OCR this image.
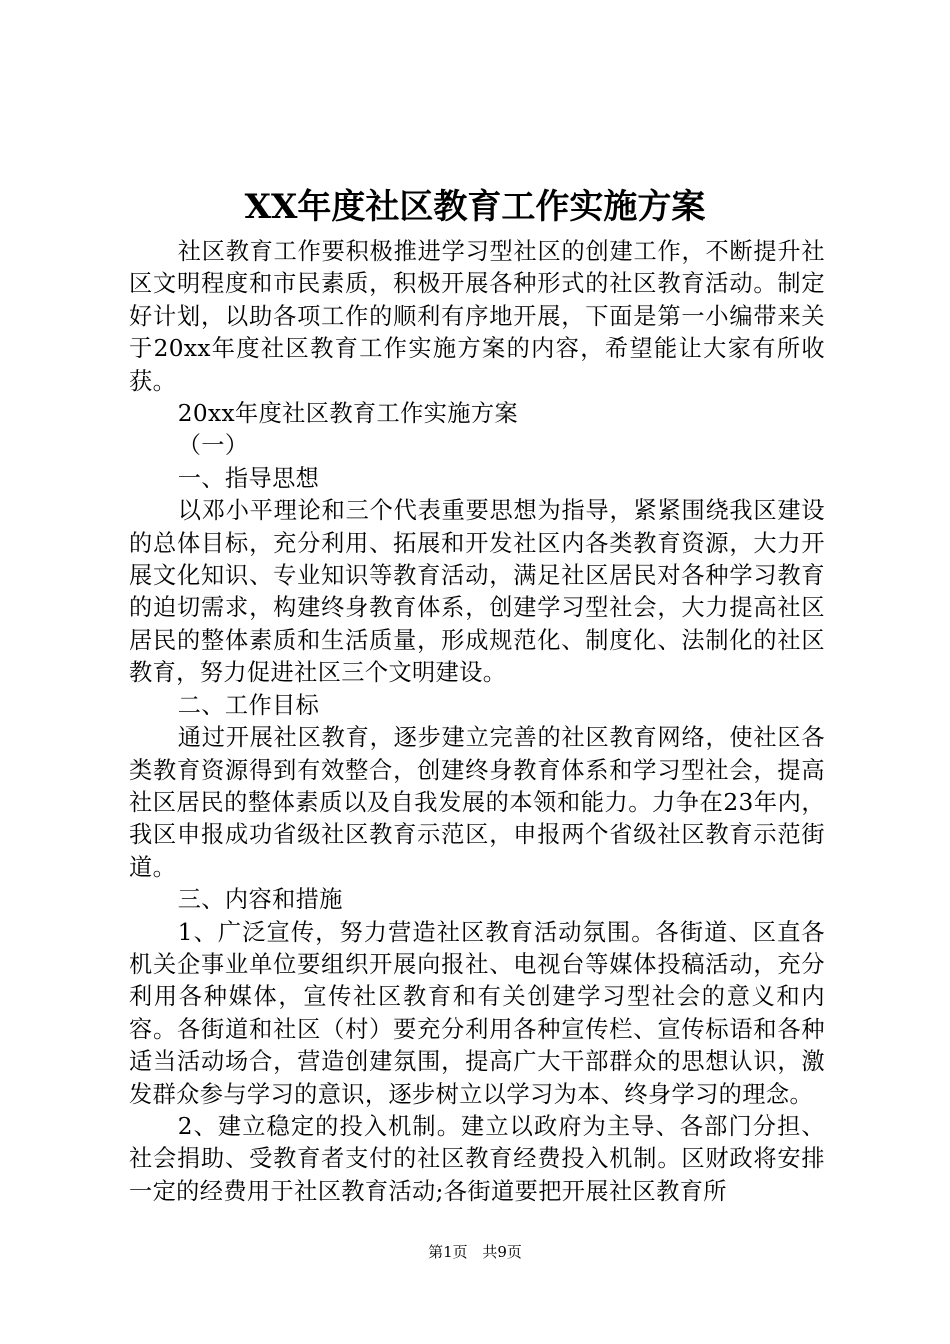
XX年度社区教育工作实施方案

社区教育工作要积极推进学习型社区的创建工作，不断提升社区文明程度和市民素质，积极开展各种形式的社区教育活动。制定好计划，以助各项工作的顺利有序地开展，下面是第一小编带来关于20xx年度社区教育工作实施方案的内容，希望能让大家有所收获。

20xx年度社区教育工作实施方案

（一）

一、指导思想

以邓小平理论和三个代表重要思想为指导，紧紧围绕我区建设的总体目标，充分利用、拓展和开发社区内各类教育资源，大力开展文化知识、专业知识等教育活动，满足社区居民对各种学习教育的迫切需求，构建终身教育体系，创建学习型社会，大力提高社区居民的整体素质和生活质量，形成规范化、制度化、法制化的社区教育，努力促进社区三个文明建设。

二、工作目标

通过开展社区教育，逐步建立完善的社区教育网络，使社区各类教育资源得到有效整合，创建终身教育体系和学习型社会，提高社区居民的整体素质以及自我发展的本领和能力。力争在23年内，我区申报成功省级社区教育示范区，申报两个省级社区教育示范街道。

三、内容和措施

1、广泛宣传，努力营造社区教育活动氛围。各街道、区直各机关企事业单位要组织开展向报社、电视台等媒体投稿活动，充分利用各种媒体，宣传社区教育和有关创建学习型社会的意义和内容。各街道和社区（村）要充分利用各种宣传栏、宣传标语和各种适当活动场合，营造创建氛围，提高广大干部群众的思想认识，激发群众参与学习的意识，逐步树立以学习为本、终身学习的理念。

2、建立稳定的投入机制。建立以政府为主导、各部门分担、社会捐助、受教育者支付的社区教育经费投入机制。区财政将安排一定的经费用于社区教育活动;各街道要把开展社区教育所

第1页 共9页
